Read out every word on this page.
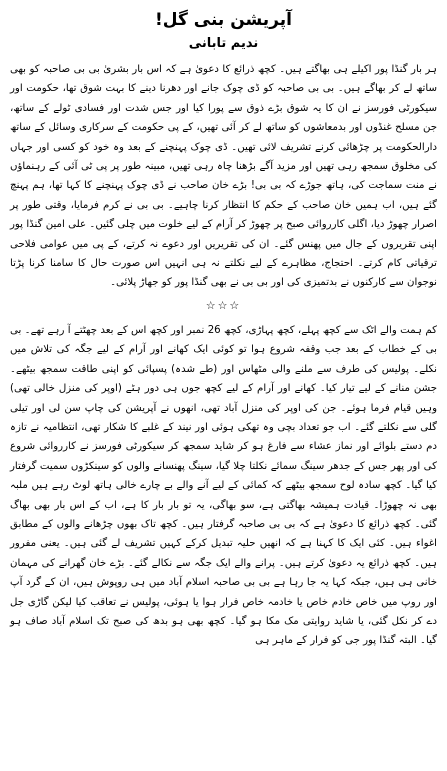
آپریشن بنی گل!
ندیم تابانی

ہر بار گنڈا پور اکیلے ہی بھاگتے ہیں۔ کچھ ذرائع کا دعویٰ ہے کہ اس بار بشریٰ بی بی صاحبہ کو بھی ساتھ لے کر بھاگے ہیں۔ بی بی صاحبہ کو ڈی چوک جانے اور دھرنا دینے کا بہت شوق تھا، حکومت اور سیکورٹی فورسز نے ان کا یہ شوق بڑے ذوق سے پورا کیا اور جس شدت اور فسادی ٹولے کے ساتھ، جن مسلح غنڈوں اور بدمعاشوں کو ساتھ لے کر آئی تھیں، کے پی حکومت کے سرکاری وسائل کے ساتھ دارالحکومت پر چڑھائی کرنے تشریف لائی تھیں۔ ڈی چوک پہنچنے کے بعد وہ خود کو کسی اور جہاں کی مخلوق سمجھ رہی تھیں اور مزید آگے بڑھنا چاہ رہی تھیں، مبینہ طور پر پی ٹی آئی کے رہنماؤں نے منت سماجت کی، ہاتھ جوڑے کہ بی بی! بڑے خان صاحب نے ڈی چوک پہنچنے کا کہا تھا، ہم پہنچ گئے ہیں، اب ہمیں خان صاحب کے حکم کا انتظار کرنا چاہیے۔ بی بی نے کرم فرمایا، وقتی طور پر اصرار چھوڑ دیا، اگلی کارروائی صبح پر چھوڑ کر آرام کے لیے خلوت میں چلی گئیں۔ علی امین گنڈا پور اپنی تقریروں کے جال میں پھنس گئے۔ ان کی تقریریں اور دعوے نہ کرتے، کے پی میں عوامی فلاحی ترقیاتی کام کرتے۔ احتجاج، مظاہرے کے لیے نکلتے نہ ہی انہیں اس صورت حال کا سامنا کرنا پڑتا نوجوان سے کارکنوں نے بدتمیزی کی اور بی بی نے بھی گنڈا پور کو جھاڑ پلائی۔

☆☆☆

کم ہمت والے اٹک سے کچھ پہلے، کچھ پہاڑی، کچھ 26 نمبر اور کچھ اس کے بعد چھٹتے آ رہے تھے۔ بی بی کے خطاب کے بعد جب وقفہ شروع ہوا تو کوئی ایک کھانے اور آرام کے لیے جگہ کی تلاش میں نکلے۔ پولیس کی طرف سے ملنے والی مٹھاس اور (طے شدہ) پسپائی کو اپنی طاقت سمجھ بیٹھے۔ جشن منانے کے لیے تیار کیا۔ کھانے اور آرام کے لیے کچھ جوں ہی دور ہٹے (اوپر کی منزل خالی تھی) وہیں قیام فرما ہوئے۔ جن کی اوپر کی منزل آباد تھی، انھوں نے آپریشن کی چاپ سن لی اور تیلی گلی سے نکلتے گئے۔ اب جو تعداد بچی وہ تھکی ہوئی اور نیند کے غلبے کا شکار تھی، انتظامیہ نے تازہ دم دستے بلوائے اور نماز عشاء سے فارغ ہو کر شاید سمجھ کر سیکورٹی فورسز نے کارروائی شروع کی اور پھر جس کے جدھر سینگ سمائے نکلتا چلا گیا، سینگ پھنسانے والوں کو سینکڑوں سمیت گرفتار کیا گیا۔ کچھ سادہ لوح سمجھ بیٹھے کہ کمائی کے لیے آنے والے بے چارے خالی ہاتھ لوٹ رہے ہیں ملبہ بھی نہ چھوڑا۔ قیادت ہمیشہ بھاگتی ہے، سو بھاگی، یہ تو بار بار کا ہے، اب کے اس بار بھی بھاگ گئی۔ کچھ ذرائع کا دعویٰ ہے کہ بی بی صاحبہ گرفتار ہیں۔ کچھ تاک بھوں چڑھانے والوں کے مطابق اغواء ہیں۔ کئی ایک کا کہنا ہے کہ انھیں حلیہ تبدیل کرکے کہیں تشریف لے گئی ہیں۔ یعنی مفرور ہیں۔ کچھ ذرائع یہ دعویٰ کرتے ہیں۔ پرانے والے ایک جگہ سے نکالے گئے۔ بڑے خان گھرانے کی مہمان خانی ہی ہیں، جبکہ کہا یہ جا رہا ہے بی بی صاحبہ اسلام آباد میں ہی روپوش ہیں، ان کے گرد آپ اور روپ میں خاص خادم خاص یا خادمہ خاص فرار ہوا یا ہوئی، پولیس نے تعاقب کیا لیکن گاڑی جل دے کر نکل گئی، یا شاید روایتی مک مکا ہو گیا۔ کچھ بھی ہو بدھ کی صبح تک اسلام آباد صاف ہو گیا۔ البتہ گنڈا پور جی کو فرار کے ماہر ہی
